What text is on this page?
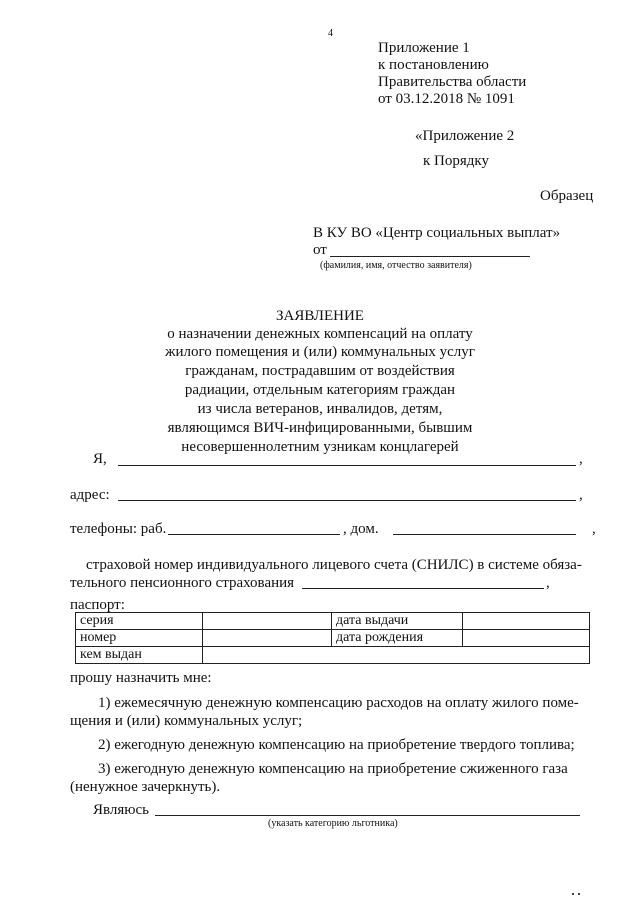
4
Приложение 1
к постановлению
Правительства области
от 03.12.2018 № 1091
«Приложение 2
к Порядку
Образец
В КУ ВО «Центр социальных выплат»
от
(фамилия, имя, отчество заявителя)
ЗАЯВЛЕНИЕ
о назначении денежных компенсаций на оплату
жилого помещения и (или) коммунальных услуг
гражданам, пострадавшим от воздействия
радиации, отдельным категориям граждан
из числа ветеранов, инвалидов, детям,
являющимся ВИЧ-инфицированными, бывшим
несовершеннолетним узникам концлагерей
Я,	,
адрес:	,
телефоны: раб.	, дом.	,
страховой номер индивидуального лицевого счета (СНИЛС) в системе обяза-
тельного пенсионного страхования	,
паспорт:
серия		дата выдачи	
номер		дата рождения	
кем выдан			
прошу назначить мне:
1) ежемесячную денежную компенсацию расходов на оплату жилого поме-
щения и (или) коммунальных услуг;
2) ежегодную денежную компенсацию на приобретение твердого топлива;
3) ежегодную денежную компенсацию на приобретение сжиженного газа
(ненужное зачеркнуть).
Являюсь
(указать категорию льготника)
